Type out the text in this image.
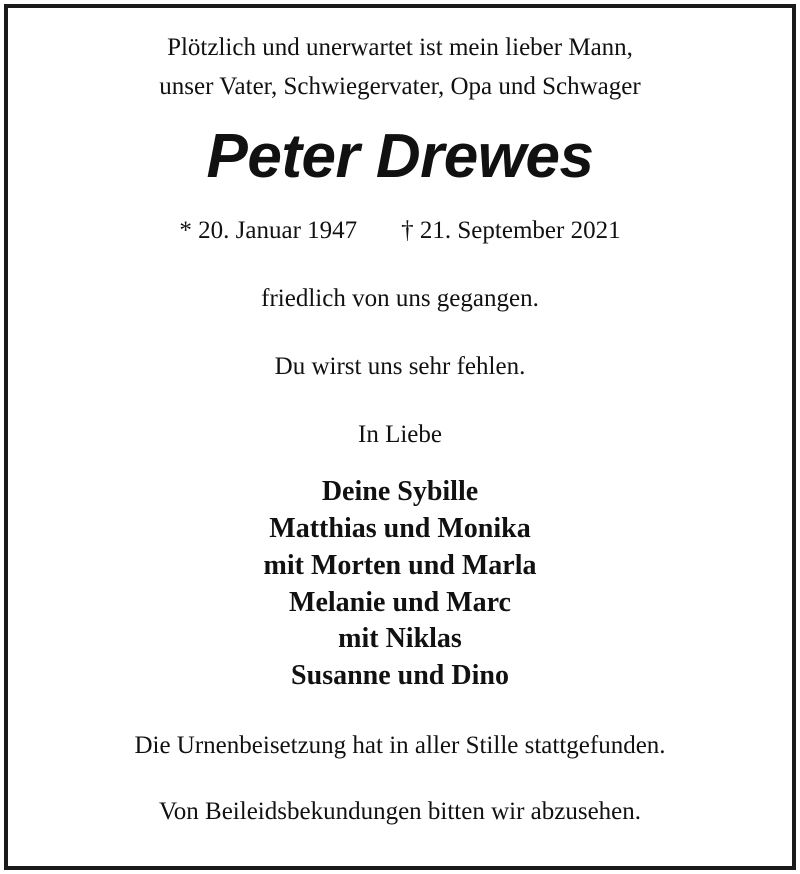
Plötzlich und unerwartet ist mein lieber Mann,
unser Vater, Schwiegervater, Opa und Schwager
Peter Drewes
* 20. Januar 1947 † 21. September 2021
friedlich von uns gegangen.
Du wirst uns sehr fehlen.
In Liebe
Deine Sybille
Matthias und Monika
mit Morten und Marla
Melanie und Marc
mit Niklas
Susanne und Dino
Die Urnenbeisetzung hat in aller Stille stattgefunden.
Von Beileidsbekundungen bitten wir abzusehen.
